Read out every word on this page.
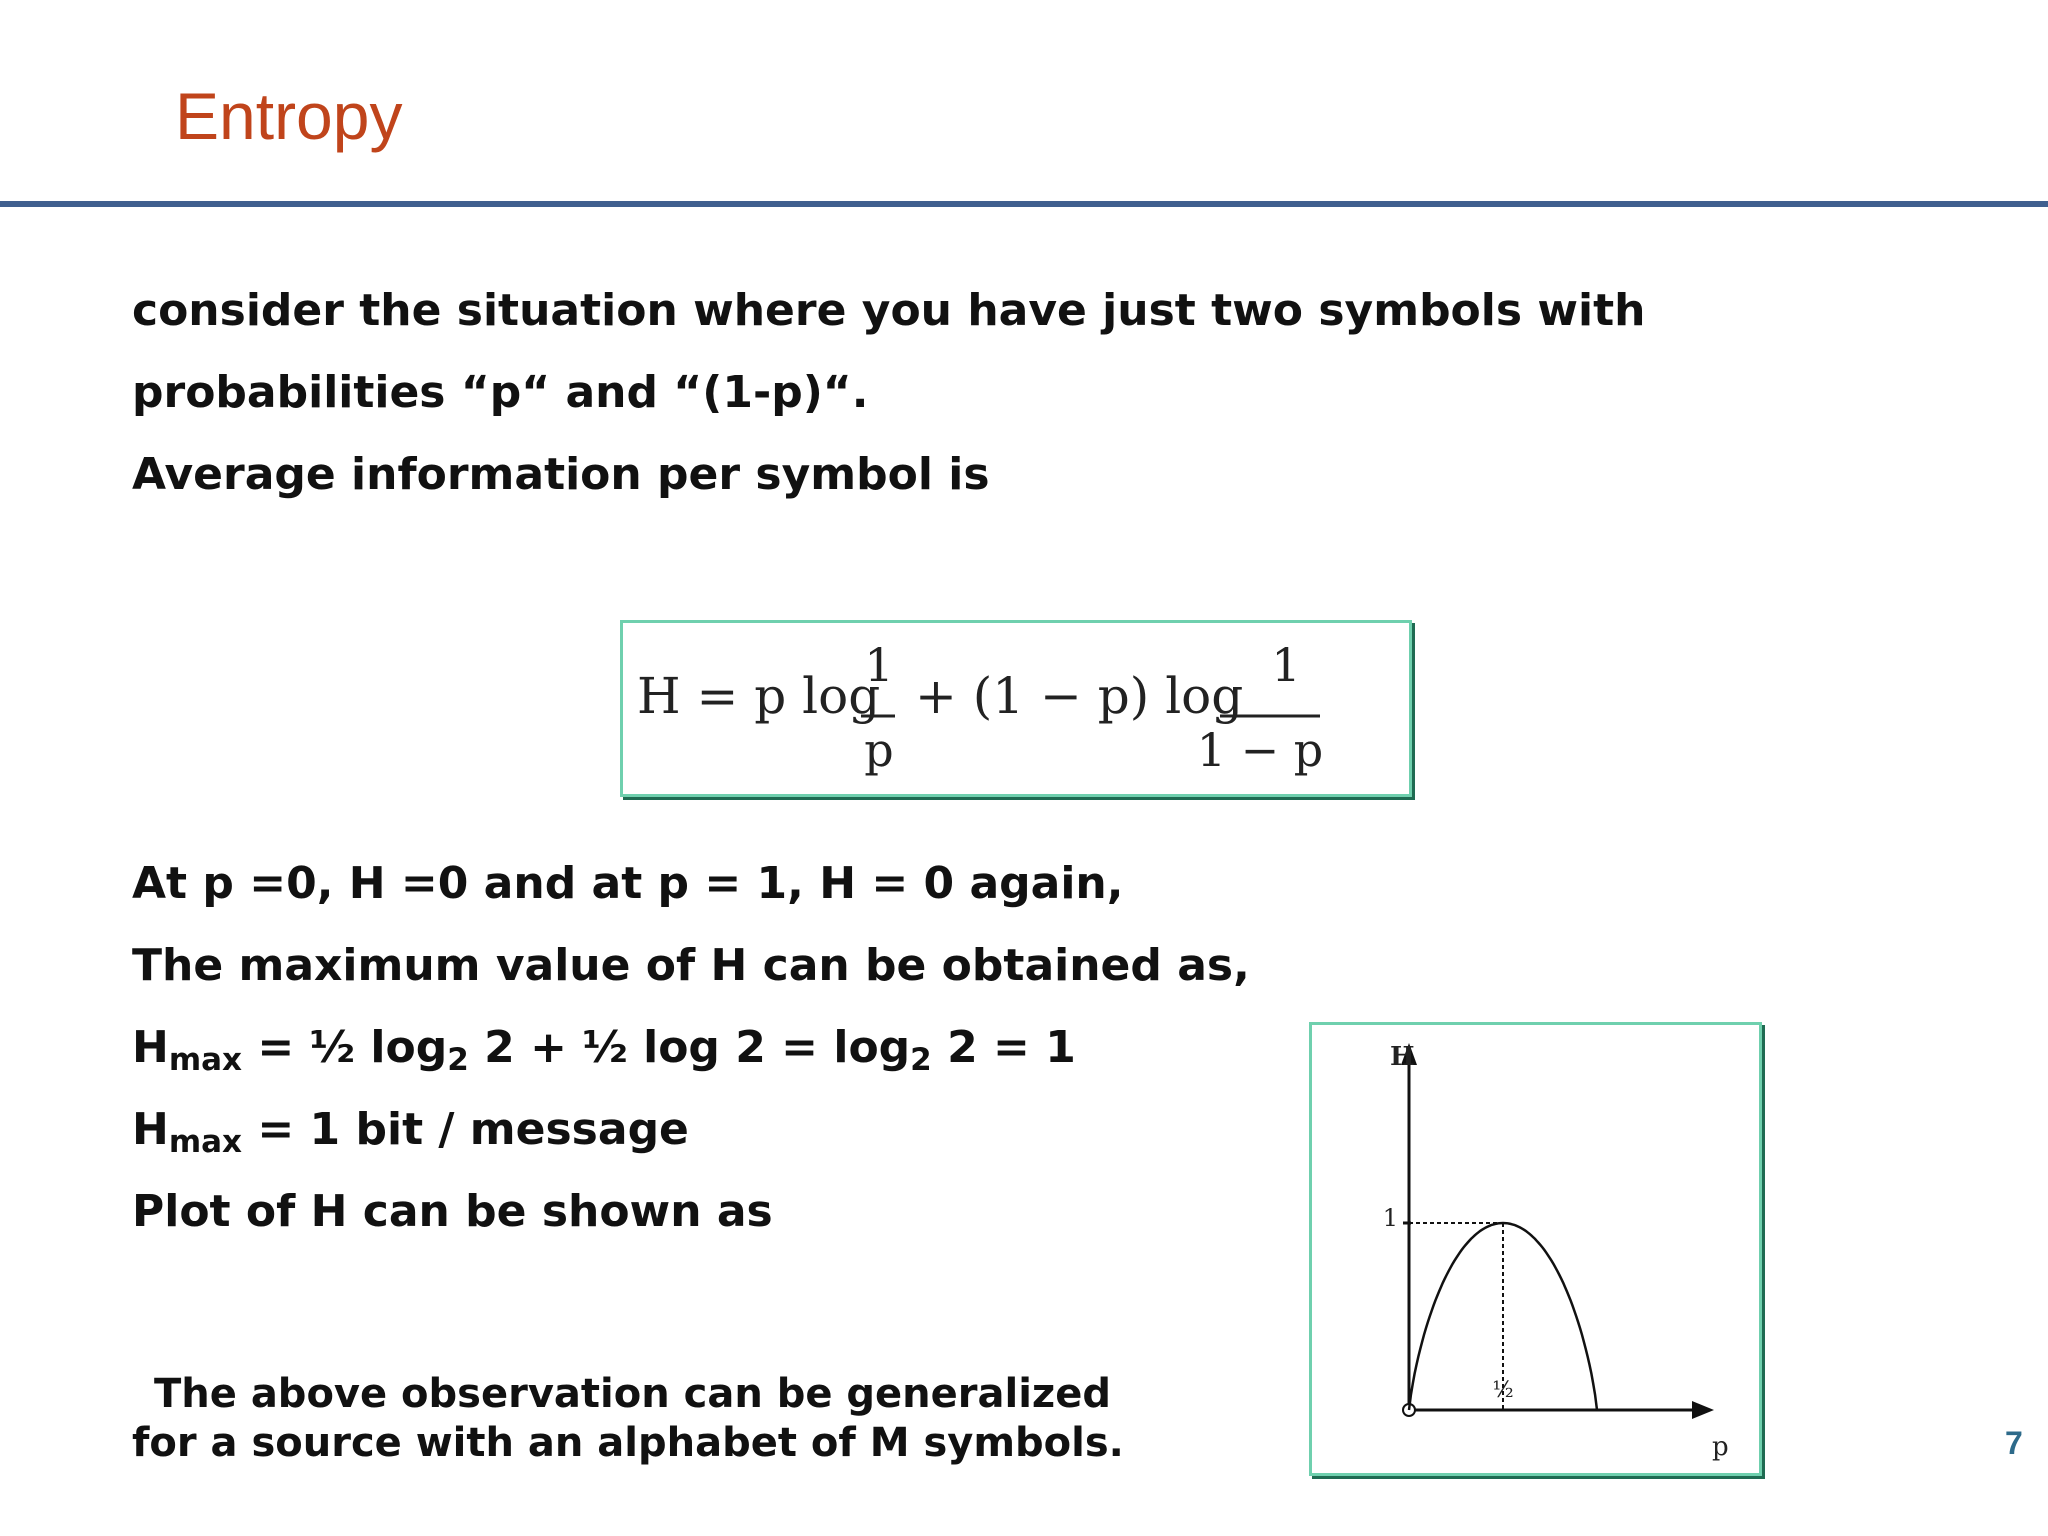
Entropy
consider the situation where you have just two symbols with
probabilities “p“ and “(1-p)“.
Average information per symbol is
H = p log
1
p
+ (1 − p) log
1
1 − p
At p =0, H =0 and at p = 1, H = 0 again,
The maximum value of H can be obtained as,
$H_{max}$ = ½ $\log_2 2$ + ½ $\log 2 = \log_2 2 = 1$
$H_{max} = 1$ bit / message
Plot of H can be shown as
The above observation can be generalized
for a source with an alphabet of M symbols.
H
p
1
½
7
